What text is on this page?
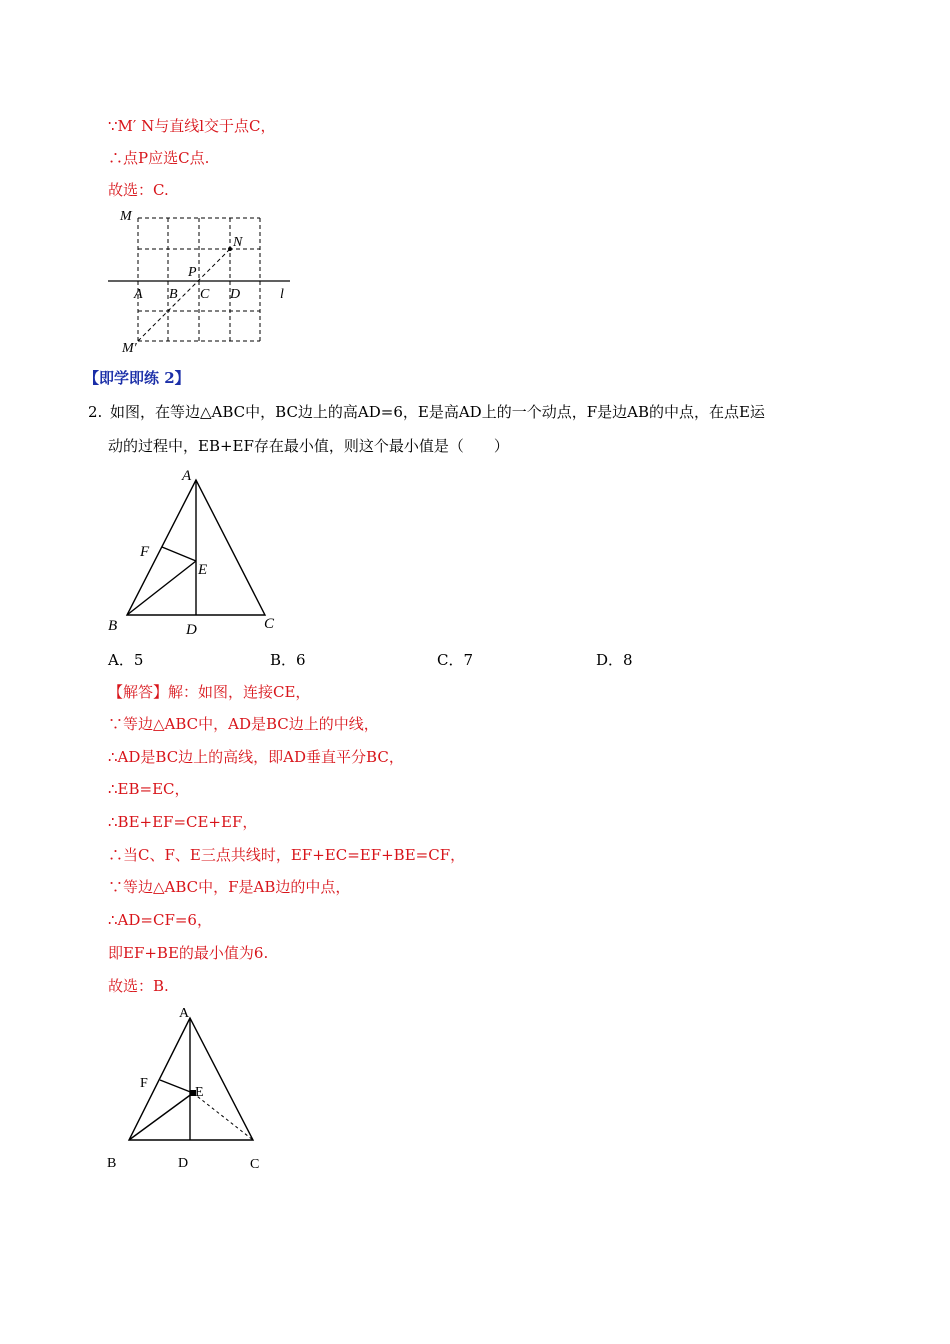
∵M′ N与直线l交于点C，
∴点P应选C点.
故选：C.
M
N
P
A B C D	l
M′
【即学即练 2】
2. 如图，在等边△ABC中，BC边上的高AD=6，E是高AD上的一个动点，F是边AB的中点，在点E运
动的过程中，EB+EF存在最小值，则这个最小值是（　　）
A
F
E
B	D	C
A．5	B．6	C．7	D．8
【解答】解：如图，连接CE，
∵等边△ABC中，AD是BC边上的中线，
∴AD是BC边上的高线，即AD垂直平分BC，
∴EB=EC，
∴BE+EF=CE+EF，
∴当C、F、E三点共线时，EF+EC=EF+BE=CF，
∵等边△ABC中，F是AB边的中点，
∴AD=CF=6，
即EF+BE的最小值为6.
故选：B.
A
F
E
B	D	C
